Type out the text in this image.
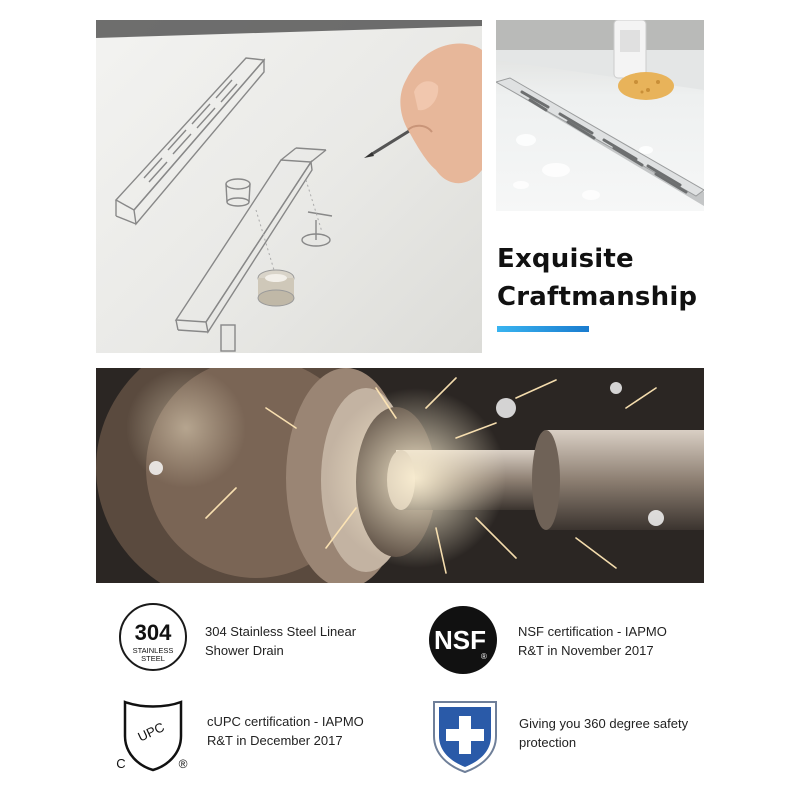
Exquisite
Craftmanship
304
STAINLESS
STEEL
304 Stainless Steel Linear
Shower Drain	NSF
®
NSF certification - IAPMO
R&T in November 2017
UPC
C	®
cUPC certification - IAPMO
R&T in December 2017
Giving you 360 degree safety
protection
